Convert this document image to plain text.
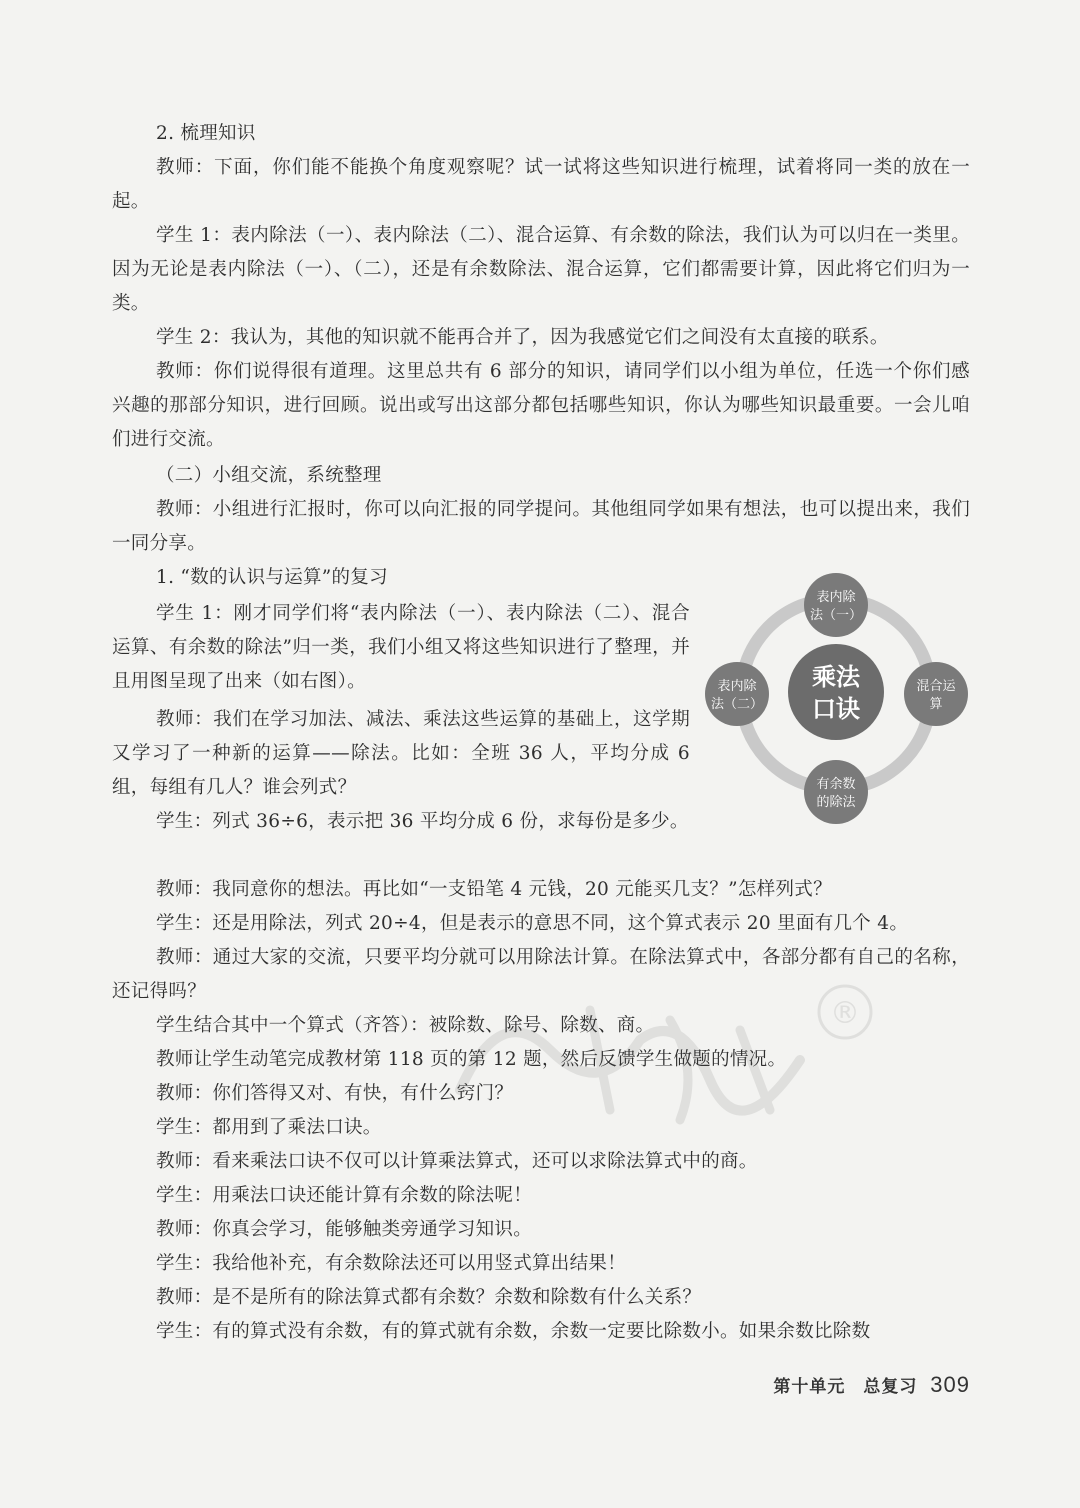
2. 梳理知识

教师：下面，你们能不能换个角度观察呢？试一试将这些知识进行梳理，试着将同一类的放在一起。

学生 1：表内除法（一）、表内除法（二）、混合运算、有余数的除法，我们认为可以归在一类里。因为无论是表内除法（一）、（二），还是有余数除法、混合运算，它们都需要计算，因此将它们归为一类。

学生 2：我认为，其他的知识就不能再合并了，因为我感觉它们之间没有太直接的联系。

教师：你们说得很有道理。这里总共有 6 部分的知识，请同学们以小组为单位，任选一个你们感兴趣的那部分知识，进行回顾。说出或写出这部分都包括哪些知识，你认为哪些知识最重要。一会儿咱们进行交流。

（二）小组交流，系统整理

教师：小组进行汇报时，你可以向汇报的同学提问。其他组同学如果有想法，也可以提出来，我们一同分享。

1. “数的认识与运算”的复习

学生 1：刚才同学们将“表内除法（一）、表内除法（二）、混合运算、有余数的除法”归一类，我们小组又将这些知识进行了整理，并且用图呈现了出来（如右图）。

教师：我们在学习加法、减法、乘法这些运算的基础上，这学期又学习了一种新的运算——除法。比如：全班 36 人，平均分成 6 组，每组有几人？谁会列式？

学生：列式 36÷6，表示把 36 平均分成 6 份，求每份是多少。

教师：我同意你的想法。再比如“一支铅笔 4 元钱，20 元能买几支？”怎样列式？

学生：还是用除法，列式 20÷4，但是表示的意思不同，这个算式表示 20 里面有几个 4。

教师：通过大家的交流，只要平均分就可以用除法计算。在除法算式中，各部分都有自己的名称，还记得吗？

学生结合其中一个算式（齐答）：被除数、除号、除数、商。

教师让学生动笔完成教材第 118 页的第 12 题，然后反馈学生做题的情况。

教师：你们答得又对、有快，有什么窍门？

学生：都用到了乘法口诀。

教师：看来乘法口诀不仅可以计算乘法算式，还可以求除法算式中的商。

学生：用乘法口诀还能计算有余数的除法呢！

教师：你真会学习，能够触类旁通学习知识。

学生：我给他补充，有余数除法还可以用竖式算出结果！

教师：是不是所有的除法算式都有余数？余数和除数有什么关系？

学生：有的算式没有余数，有的算式就有余数，余数一定要比除数小。如果余数比除数

乘法
口诀
表内除
法（一）
混合运
算
有余数
的除法
表内除
法（二）
®
第十单元　总复习 309
